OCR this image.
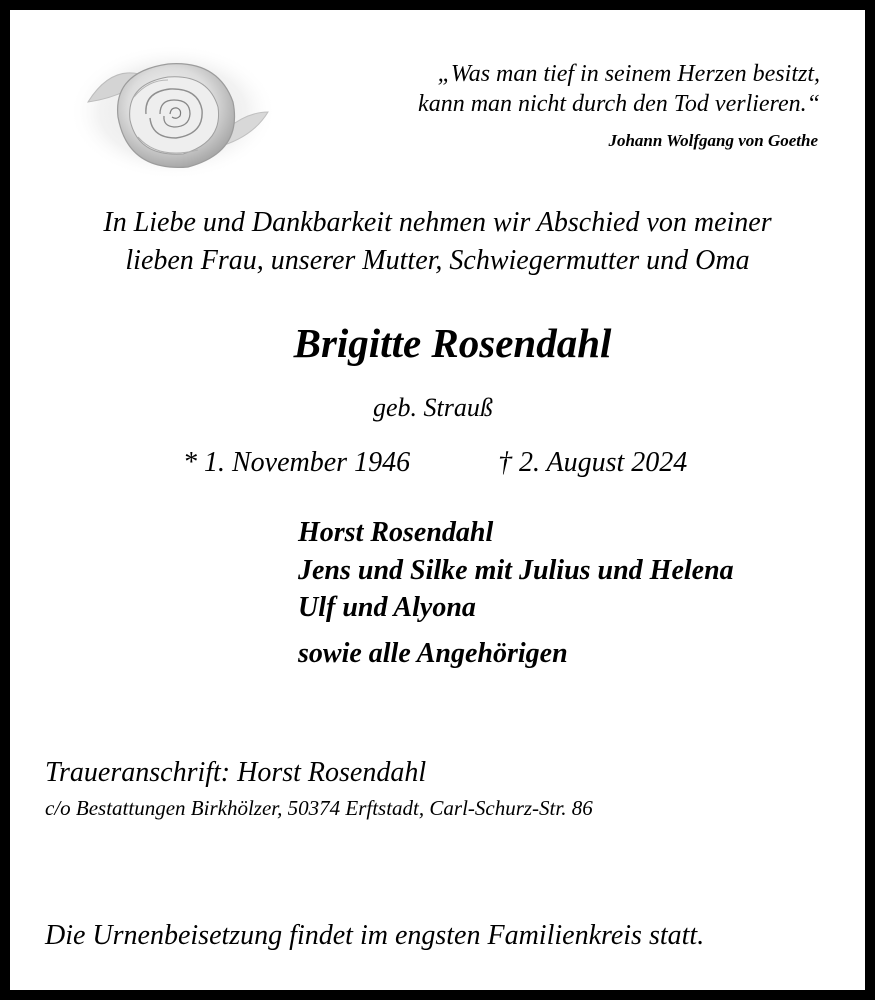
„Was man tief in seinem Herzen besitzt,
kann man nicht durch den Tod verlieren.“
Johann Wolfgang von Goethe
In Liebe und Dankbarkeit nehmen wir Abschied von meiner
lieben Frau, unserer Mutter, Schwiegermutter und Oma
Brigitte Rosendahl
geb. Strauß
* 1. November 1946	† 2. August 2024
Horst Rosendahl
Jens und Silke mit Julius und Helena
Ulf und Alyona
sowie alle Angehörigen
Traueranschrift: Horst Rosendahl
c/o Bestattungen Birkhölzer, 50374 Erftstadt, Carl-Schurz-Str. 86
Die Urnenbeisetzung findet im engsten Familienkreis statt.
